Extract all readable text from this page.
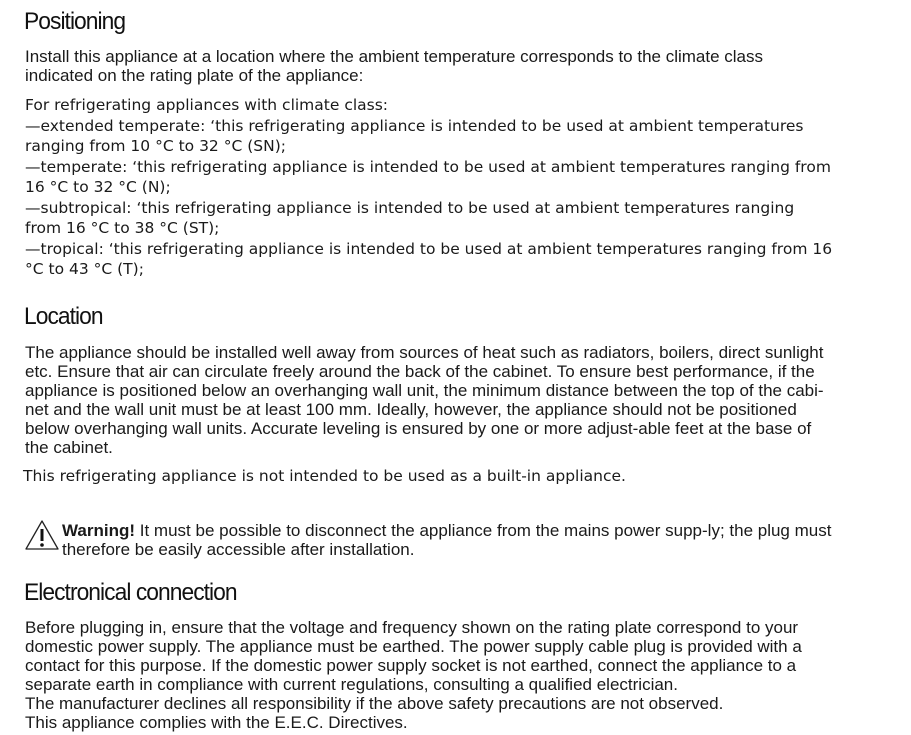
Positioning
Install this appliance at a location where the ambient temperature corresponds to the climate class
indicated on the rating plate of the appliance:
For refrigerating appliances with climate class:
—extended temperate: ‘this refrigerating appliance is intended to be used at ambient temperatures
ranging from 10 °C to 32 °C (SN);
—temperate: ‘this refrigerating appliance is intended to be used at ambient temperatures ranging from
16 °C to 32 °C (N);
—subtropical: ‘this refrigerating appliance is intended to be used at ambient temperatures ranging
from 16 °C to 38 °C (ST);
—tropical: ‘this refrigerating appliance is intended to be used at ambient temperatures ranging from 16
°C to 43 °C (T);
Location
The appliance should be installed well away from sources of heat such as radiators, boilers, direct sunlight
etc. Ensure that air can circulate freely around the back of the cabinet. To ensure best performance, if the
appliance is positioned below an overhanging wall unit, the minimum distance between the top of the cabi-
net and the wall unit must be at least 100 mm. Ideally, however, the appliance should not be positioned
below overhanging wall units. Accurate leveling is ensured by one or more adjust-able feet at the base of
the cabinet.
This refrigerating appliance is not intended to be used as a built-in appliance.
Warning! It must be possible to disconnect the appliance from the mains power supp-ly; the plug must
therefore be easily accessible after installation.
Electronical connection
Before plugging in, ensure that the voltage and frequency shown on the rating plate correspond to your
domestic power supply. The appliance must be earthed. The power supply cable plug is provided with a
contact for this purpose. If the domestic power supply socket is not earthed, connect the appliance to a
separate earth in compliance with current regulations, consulting a qualified electrician.
The manufacturer declines all responsibility if the above safety precautions are not observed.
This appliance complies with the E.E.C. Directives.
